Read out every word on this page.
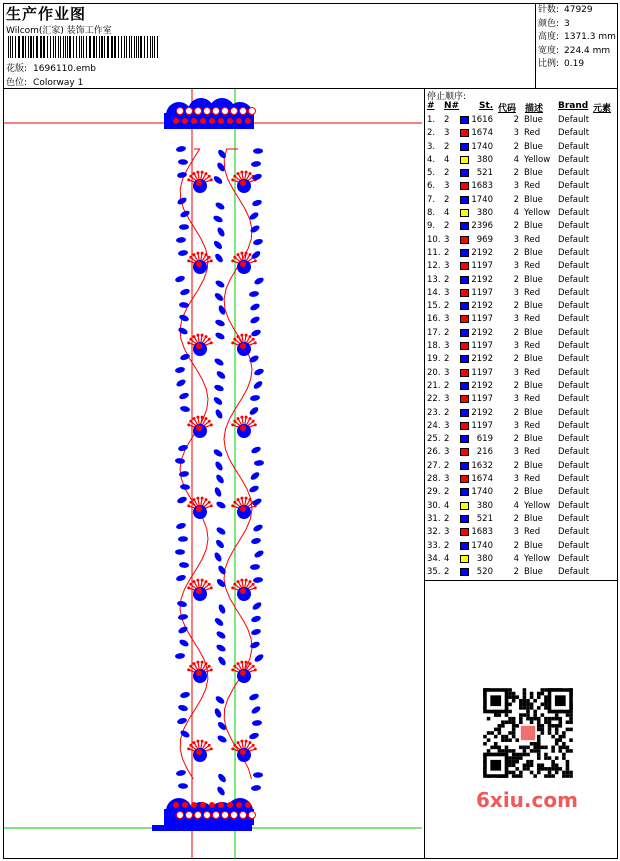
生产作业图
Wilcom(汇家) 装饰工作室
花版: 1696110.emb
色位: Colorway 1
针数: 47929
颜色: 3
高度: 1371.3 mm
宽度: 224.4 mm
比例: 0.19
停止顺序:
# N# St. 代码 描述 Brand 元素
1. 2	1616	2 Blue Default
2. 3	1674	3 Red Default
3. 2	1740	2 Blue Default
4. 4	380	4 Yellow Default
5. 2	521	2 Blue Default
6. 3	1683	3 Red Default
7. 2	1740	2 Blue Default
8. 4	380	4 Yellow Default
9. 2	2396	2 Blue Default
10. 3	969	3 Red Default
11. 2	2192	2 Blue Default
12. 3	1197	3 Red Default
13. 2	2192	2 Blue Default
14. 3	1197	3 Red Default
15. 2	2192	2 Blue Default
16. 3	1197	3 Red Default
17. 2	2192	2 Blue Default
18. 3	1197	3 Red Default
19. 2	2192	2 Blue Default
20. 3	1197	3 Red Default
21. 2	2192	2 Blue Default
22. 3	1197	3 Red Default
23. 2	2192	2 Blue Default
24. 3	1197	3 Red Default
25. 2	619	2 Blue Default
26. 3	216	3 Red Default
27. 2	1632	2 Blue Default
28. 3	1674	3 Red Default
29. 2	1740	2 Blue Default
30. 4	380	4 Yellow Default
31. 2	521	2 Blue Default
32. 3	1683	3 Red Default
33. 2	1740	2 Blue Default
34. 4	380	4 Yellow Default
35. 2	520	2 Blue Default
6xiu.com
